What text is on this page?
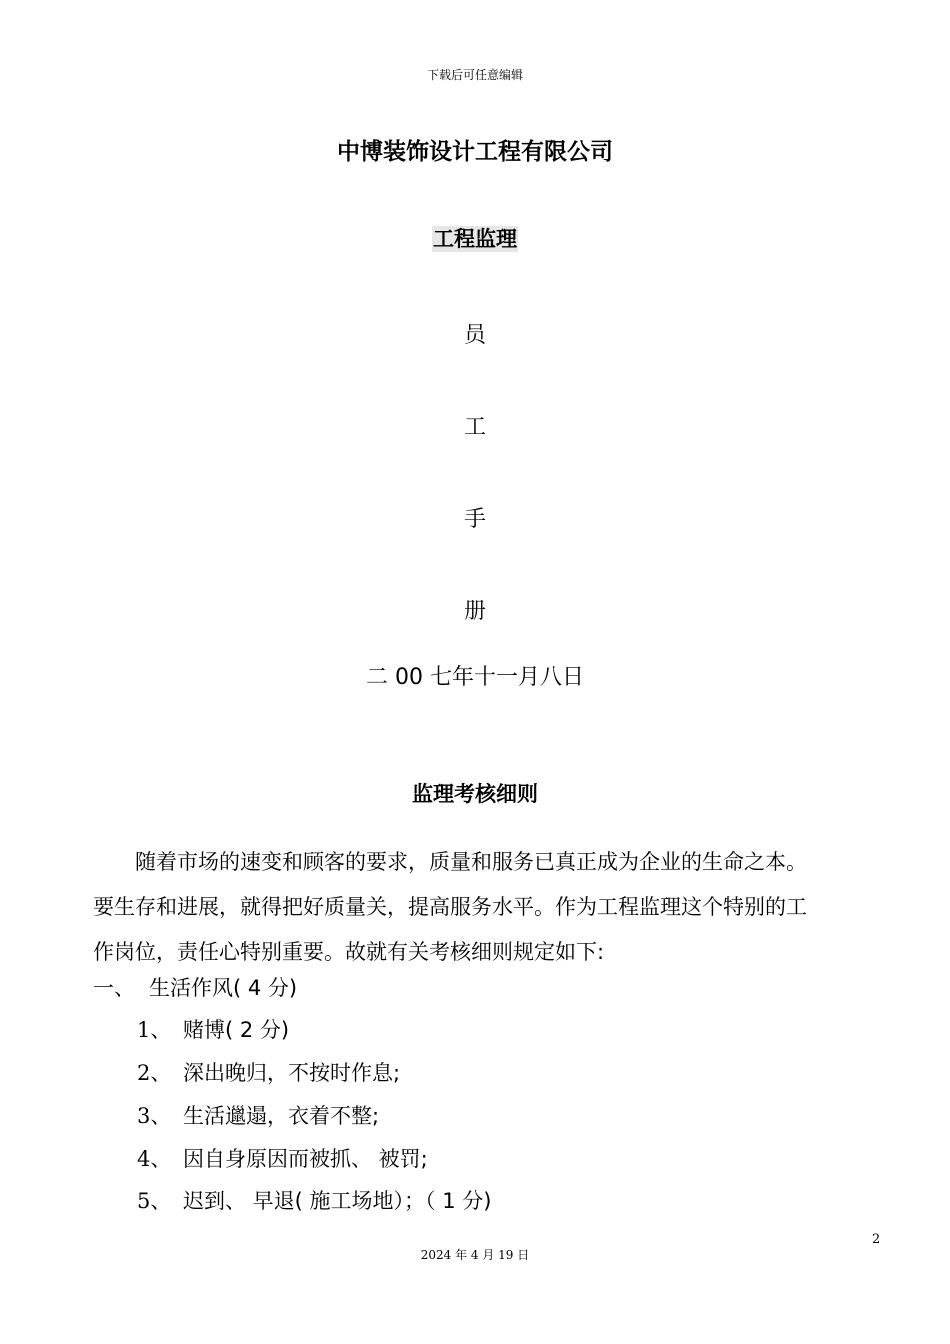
下载后可任意编辑
中博装饰设计工程有限公司
工程监理
员
工
手
册
二 00 七年十一月八日
监理考核细则
随着市场的速变和顾客的要求，质量和服务已真正成为企业的生命之本。
要生存和进展，就得把好质量关，提高服务水平。作为工程监理这个特别的工
作岗位，责任心特别重要。故就有关考核细则规定如下:
一、 生活作风( 4 分)
1、 赌博( 2 分)
2、 深出晚归，不按时作息;
3、 生活邋遢，衣着不整;
4、 因自身原因而被抓、 被罚;
5、 迟到、 早退( 施工场地）；（ 1 分)
2
2024 年 4 月 19 日
